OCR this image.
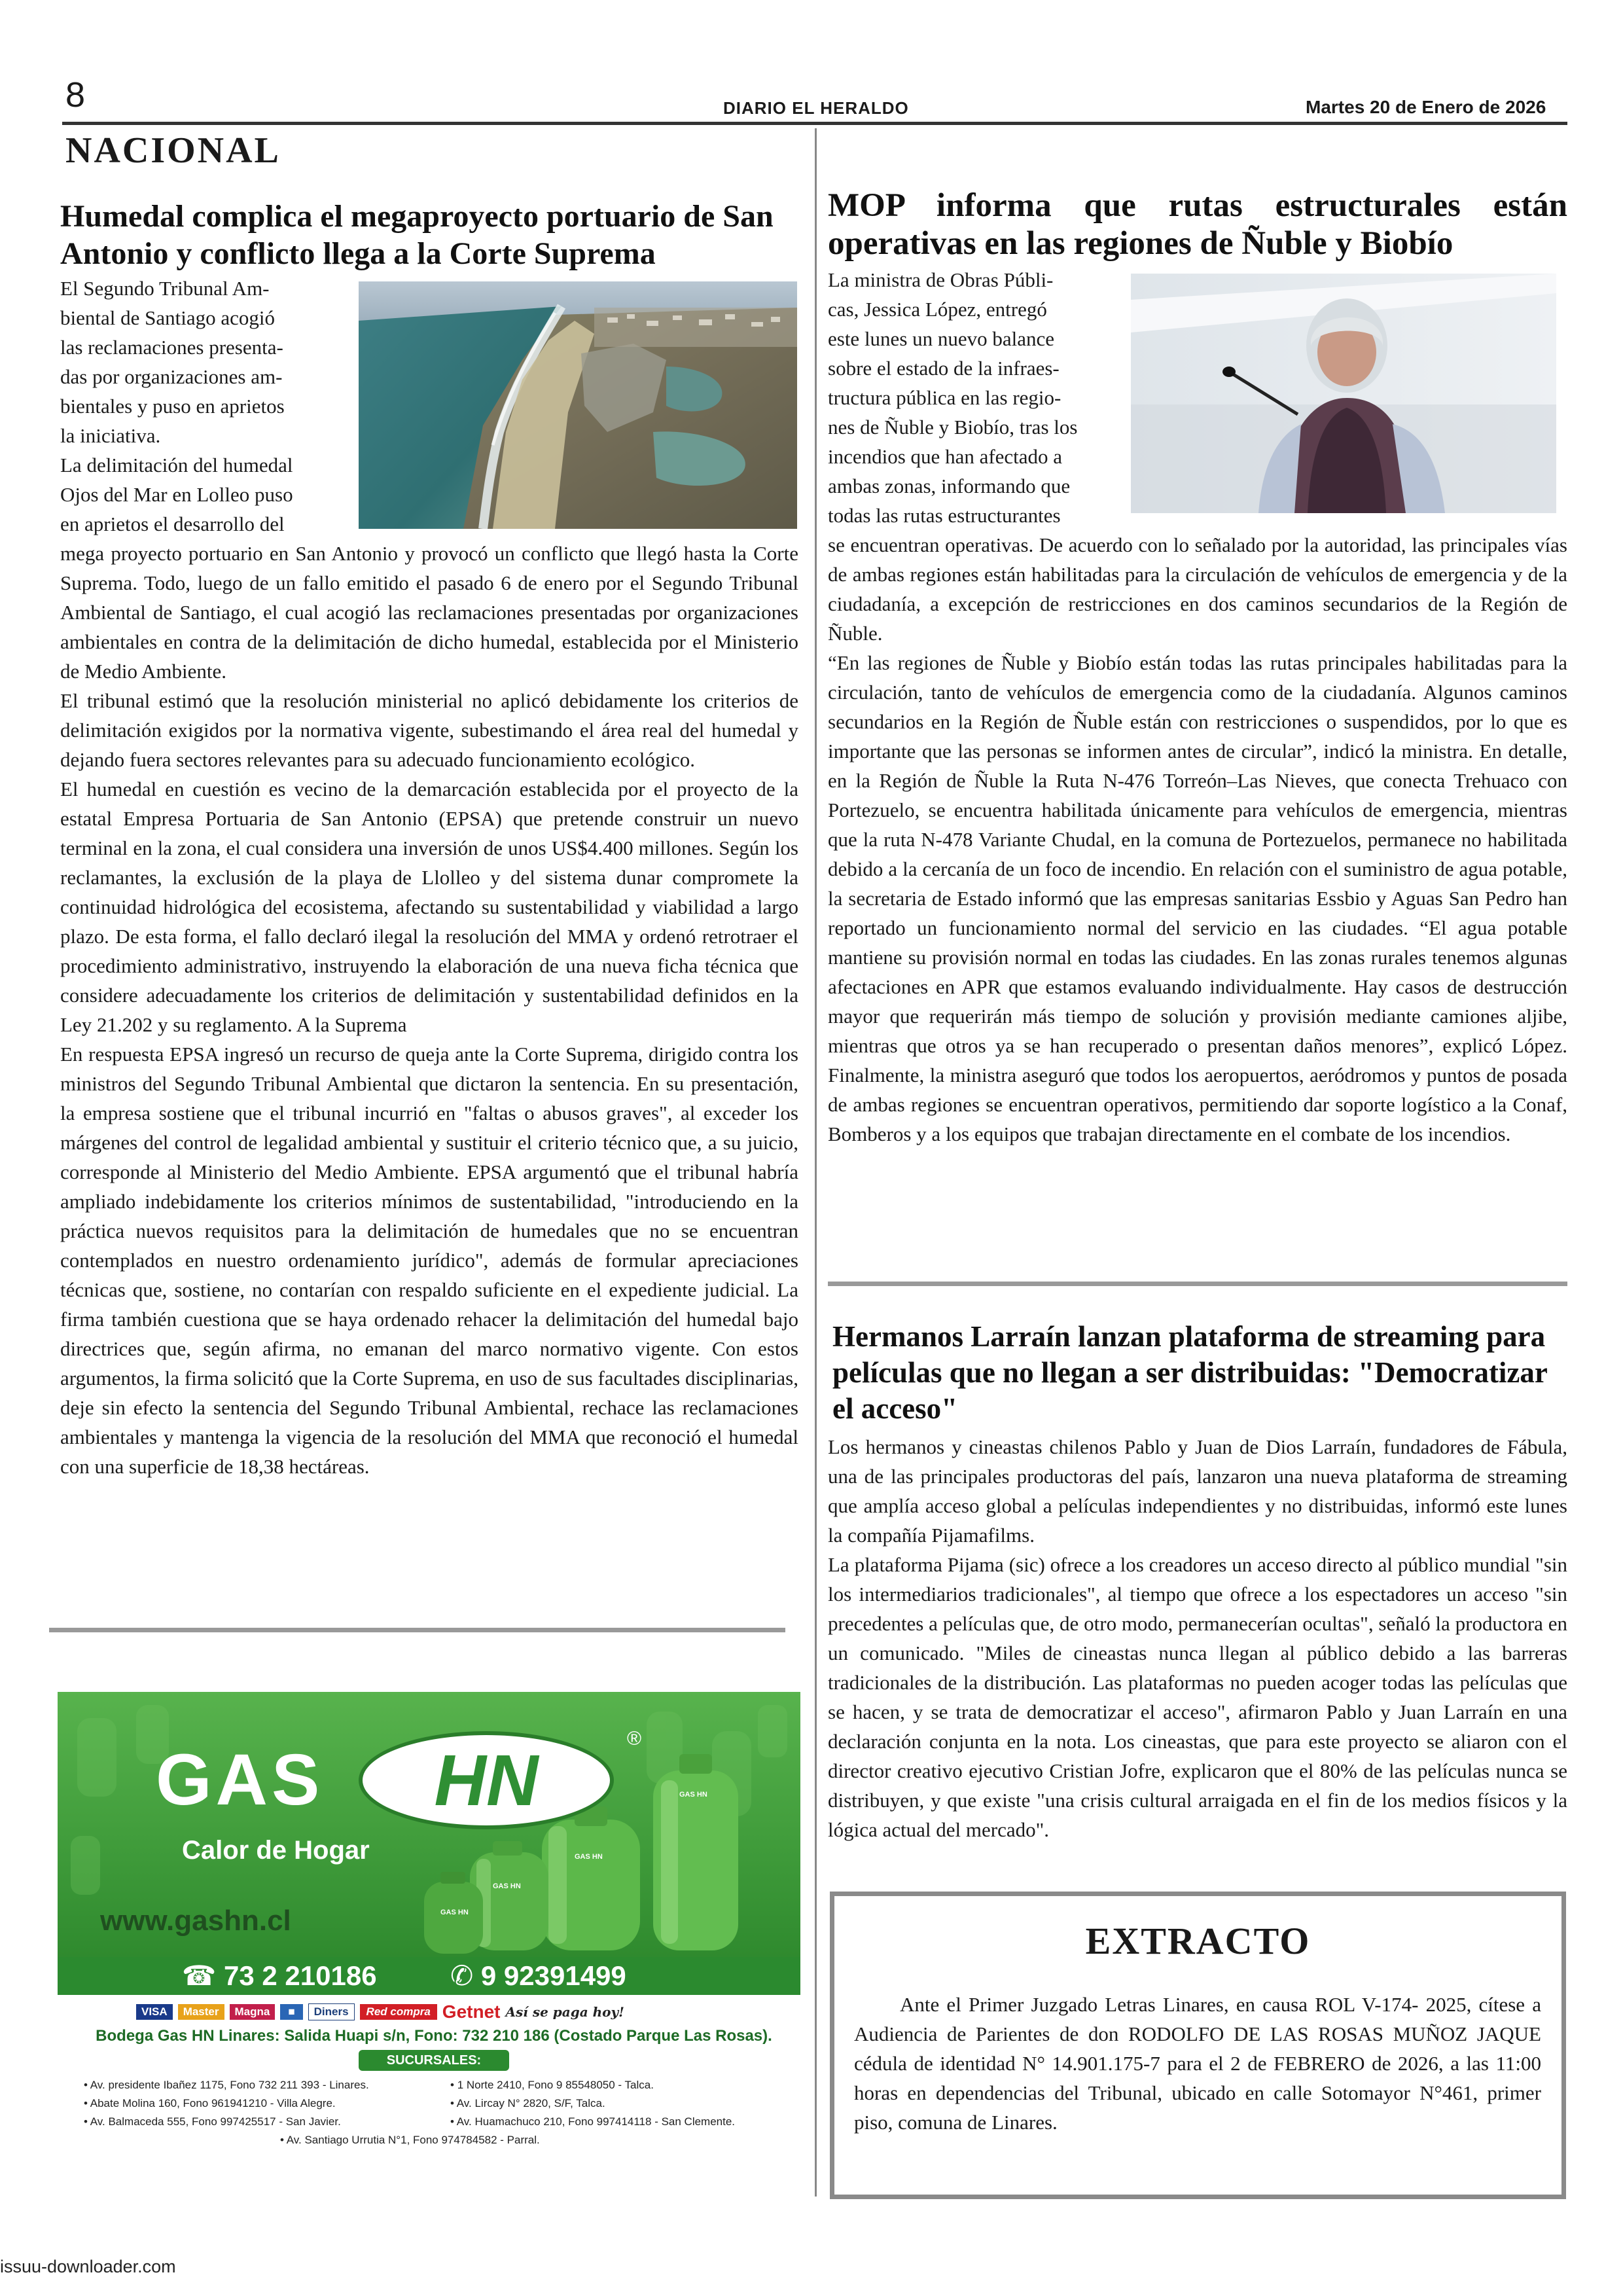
8	DIARIO EL HERALDO	Martes 20 de Enero de 2026
NACIONAL
Humedal complica el megaproyecto portuario de San Antonio y conflicto llega a la Corte Suprema
El Segundo Tribunal Am-
biental de Santiago acogió
las reclamaciones presenta-
das por organizaciones am-
bientales y puso en aprietos
la iniciativa.
La delimitación del humedal
Ojos del Mar en Lolleo puso
en aprietos el desarrollo del

mega proyecto portuario en San Antonio y provocó un conflicto que llegó hasta la Corte Suprema. Todo, luego de un fallo emitido el pasado 6 de enero por el Segundo Tribunal Ambiental de Santiago, el cual acogió las reclamaciones presentadas por organizaciones ambientales en contra de la delimitación de dicho humedal, establecida por el Ministerio de Medio Ambiente.

El tribunal estimó que la resolución ministerial no aplicó debidamente los criterios de delimitación exigidos por la normativa vigente, subestimando el área real del humedal y dejando fuera sectores relevantes para su adecuado funcionamiento ecológico.

El humedal en cuestión es vecino de la demarcación establecida por el proyecto de la estatal Empresa Portuaria de San Antonio (EPSA) que pretende construir un nuevo terminal en la zona, el cual considera una inversión de unos US$4.400 millones. Según los reclamantes, la exclusión de la playa de Llolleo y del sistema dunar compromete la continuidad hidrológica del ecosistema, afectando su sustentabilidad y viabilidad a largo plazo. De esta forma, el fallo declaró ilegal la resolución del MMA y ordenó retrotraer el procedimiento administrativo, instruyendo la elaboración de una nueva ficha técnica que considere adecuadamente los criterios de delimitación y sustentabilidad definidos en la Ley 21.202 y su reglamento. A la Suprema

En respuesta EPSA ingresó un recurso de queja ante la Corte Suprema, dirigido contra los ministros del Segundo Tribunal Ambiental que dictaron la sentencia. En su presentación, la empresa sostiene que el tribunal incurrió en "faltas o abusos graves", al exceder los márgenes del control de legalidad ambiental y sustituir el criterio técnico que, a su juicio, corresponde al Ministerio del Medio Ambiente. EPSA argumentó que el tribunal habría ampliado indebidamente los criterios mínimos de sustentabilidad, "introduciendo en la práctica nuevos requisitos para la delimitación de humedales que no se encuentran contemplados en nuestro ordenamiento jurídico", además de formular apreciaciones técnicas que, sostiene, no contarían con respaldo suficiente en el expediente judicial. La firma también cuestiona que se haya ordenado rehacer la delimitación del humedal bajo directrices que, según afirma, no emanan del marco normativo vigente. Con estos argumentos, la firma solicitó que la Corte Suprema, en uso de sus facultades disciplinarias, deje sin efecto la sentencia del Segundo Tribunal Ambiental, rechace las reclamaciones ambientales y mantenga la vigencia de la resolución del MMA que reconoció el humedal con una superficie de 18,38 hectáreas.

GAS HN
GAS HN
GAS HN
GAS HN
GAS	HN
®
Calor de Hogar
www.gashn.cl
☎ 73 2 210186	✆ 9 92391499
VISA	Master	Magna	■	Diners	Red compra Getnet Así se paga hoy!
Bodega Gas HN Linares: Salida Huapi s/n, Fono: 732 210 186 (Costado Parque Las Rosas).
SUCURSALES:
• Av. presidente Ibañez 1175, Fono 732 211 393 - Linares.	• 1 Norte 2410, Fono 9 85548050 - Talca.
• Abate Molina 160, Fono 961941210 - Villa Alegre.	• Av. Lircay N° 2820, S/F, Talca.
• Av. Balmaceda 555, Fono 997425517 - San Javier.	• Av. Huamachuco 210, Fono 997414118 - San Clemente.
• Av. Santiago Urrutia N°1, Fono 974784582 - Parral.
MOP informa que rutas estructurales están operativas en las regiones de Ñuble y Biobío
La ministra de Obras Públi-
cas, Jessica López, entregó
este lunes un nuevo balance
sobre el estado de la infraes-
tructura pública en las regio-
nes de Ñuble y Biobío, tras los
incendios que han afectado a
ambas zonas, informando que
todas las rutas estructurantes

se encuentran operativas. De acuerdo con lo señalado por la autoridad, las principales vías de ambas regiones están habilitadas para la circulación de vehículos de emergencia y de la ciudadanía, a excepción de restricciones en dos caminos secundarios de la Región de Ñuble.

“En las regiones de Ñuble y Biobío están todas las rutas principales habilitadas para la circulación, tanto de vehículos de emergencia como de la ciudadanía. Algunos caminos secundarios en la Región de Ñuble están con restricciones o suspendidos, por lo que es importante que las personas se informen antes de circular”, indicó la ministra. En detalle, en la Región de Ñuble la Ruta N-476 Torreón–Las Nieves, que conecta Trehuaco con Portezuelo, se encuentra habilitada únicamente para vehículos de emergencia, mientras que la ruta N-478 Variante Chudal, en la comuna de Portezuelos, permanece no habilitada debido a la cercanía de un foco de incendio. En relación con el suministro de agua potable, la secretaria de Estado informó que las empresas sanitarias Essbio y Aguas San Pedro han reportado un funcionamiento normal del servicio en las ciudades. “El agua potable mantiene su provisión normal en todas las ciudades. En las zonas rurales tenemos algunas afectaciones en APR que estamos evaluando individualmente. Hay casos de destrucción mayor que requerirán más tiempo de solución y provisión mediante camiones aljibe, mientras que otros ya se han recuperado o presentan daños menores”, explicó López. Finalmente, la ministra aseguró que todos los aeropuertos, aeródromos y puntos de posada de ambas regiones se encuentran operativos, permitiendo dar soporte logístico a la Conaf, Bomberos y a los equipos que trabajan directamente en el combate de los incendios.

Hermanos Larraín lanzan plataforma de streaming para películas que no llegan a ser distribuidas: "Democratizar el acceso"

Los hermanos y cineastas chilenos Pablo y Juan de Dios Larraín, fundadores de Fábula, una de las principales productoras del país, lanzaron una nueva plataforma de streaming que amplía acceso global a películas independientes y no distribuidas, informó este lunes la compañía Pijamafilms.

La plataforma Pijama (sic) ofrece a los creadores un acceso directo al público mundial "sin los intermediarios tradicionales", al tiempo que ofrece a los espectadores un acceso "sin precedentes a películas que, de otro modo, permanecerían ocultas", señaló la productora en un comunicado. "Miles de cineastas nunca llegan al público debido a las barreras tradicionales de la distribución. Las plataformas no pueden acoger todas las películas que se hacen, y se trata de democratizar el acceso", afirmaron Pablo y Juan Larraín en una declaración conjunta en la nota. Los cineastas, que para este proyecto se aliaron con el director creativo ejecutivo Cristian Jofre, explicaron que el 80% de las películas nunca se distribuyen, y que existe "una crisis cultural arraigada en el fin de los medios físicos y la lógica actual del mercado".

EXTRACTO
Ante el Primer Juzgado Letras Linares, en causa ROL V-174- 2025, cítese a Audiencia de Parientes de don RODOLFO DE LAS ROSAS MUÑOZ JAQUE cédula de identidad N° 14.901.175-7 para el 2 de FEBRERO de 2026, a las 11:00 horas en dependencias del Tribunal, ubicado en calle Sotomayor N°461, primer piso, comuna de Linares.
issuu-downloader.com
